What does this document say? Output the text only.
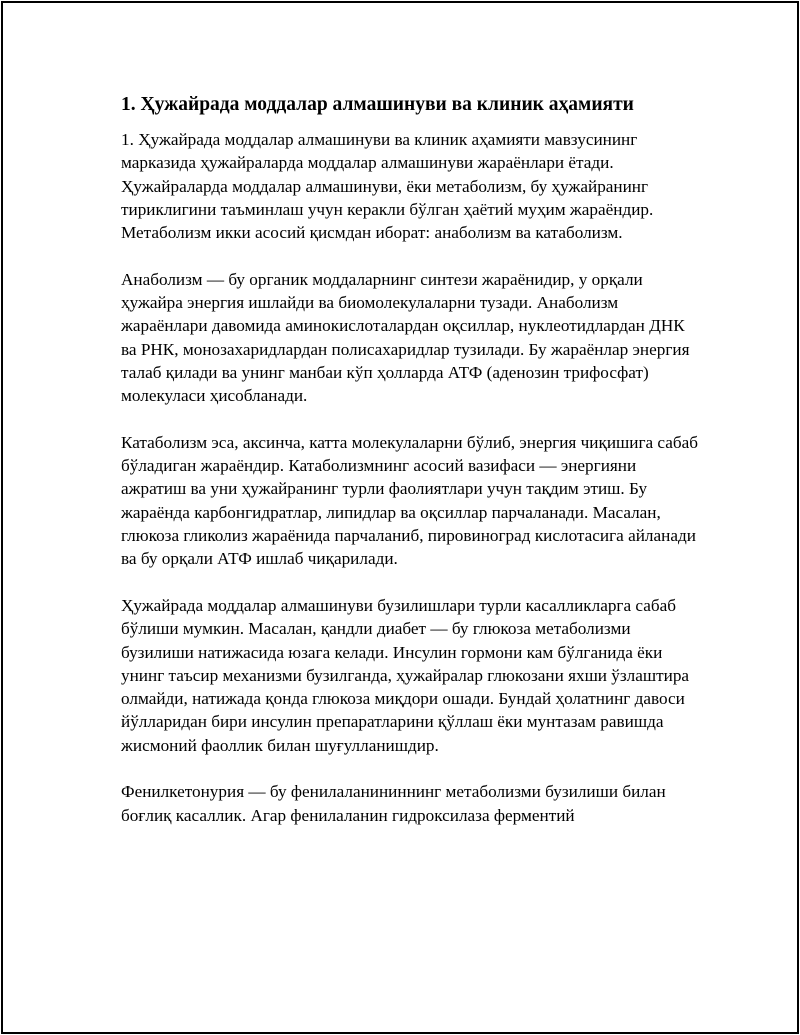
1. Ҳужайрада моддалар алмашинуви ва клиник аҳамияти

1. Ҳужайрада моддалар алмашинуви ва клиник аҳамияти мавзусининг марказида ҳужайраларда моддалар алмашинуви жараёнлари ётади. Ҳужайраларда моддалар алмашинуви, ёки метаболизм, бу ҳужайранинг тириклигини таъминлаш учун керакли бўлган ҳаётий муҳим жараёндир. Метаболизм икки асосий қисмдан иборат: анаболизм ва катаболизм.

Анаболизм — бу органик моддаларнинг синтези жараёнидир, у орқали ҳужайра энергия ишлайди ва биомолекулаларни тузади. Анаболизм жараёнлари давомида аминокислоталардан оқсиллар, нуклеотидлардан ДНК ва РНК, монозахаридлардан полисахаридлар тузилади. Бу жараёнлар энергия талаб қилади ва унинг манбаи кўп ҳолларда АТФ (аденозин трифосфат) молекуласи ҳисобланади.

Катаболизм эса, аксинча, катта молекулаларни бўлиб, энергия чиқишига сабаб бўладиган жараёндир. Катаболизмнинг асосий вазифаси — энергияни ажратиш ва уни ҳужайранинг турли фаолиятлари учун тақдим этиш. Бу жараёнда карбонгидратлар, липидлар ва оқсиллар парчаланади. Масалан, глюкоза гликолиз жараёнида парчаланиб, пировиноград кислотасига айланади ва бу орқали АТФ ишлаб чиқарилади.

Ҳужайрада моддалар алмашинуви бузилишлари турли касалликларга сабаб бўлиши мумкин. Масалан, қандли диабет — бу глюкоза метаболизми бузилиши натижасида юзага келади. Инсулин гормони кам бўлганида ёки унинг таъсир механизми бузилганда, ҳужайралар глюкозани яхши ўзлаштира олмайди, натижада қонда глюкоза миқдори ошади. Бундай ҳолатнинг давоси йўлларидан бири инсулин препаратларини қўллаш ёки мунтазам равишда жисмоний фаоллик билан шуғулланишдир.

Фенилкетонурия — бу фенилаланининнинг метаболизми бузилиши билан боғлиқ касаллик. Агар фенилаланин гидроксилаза ферментий
